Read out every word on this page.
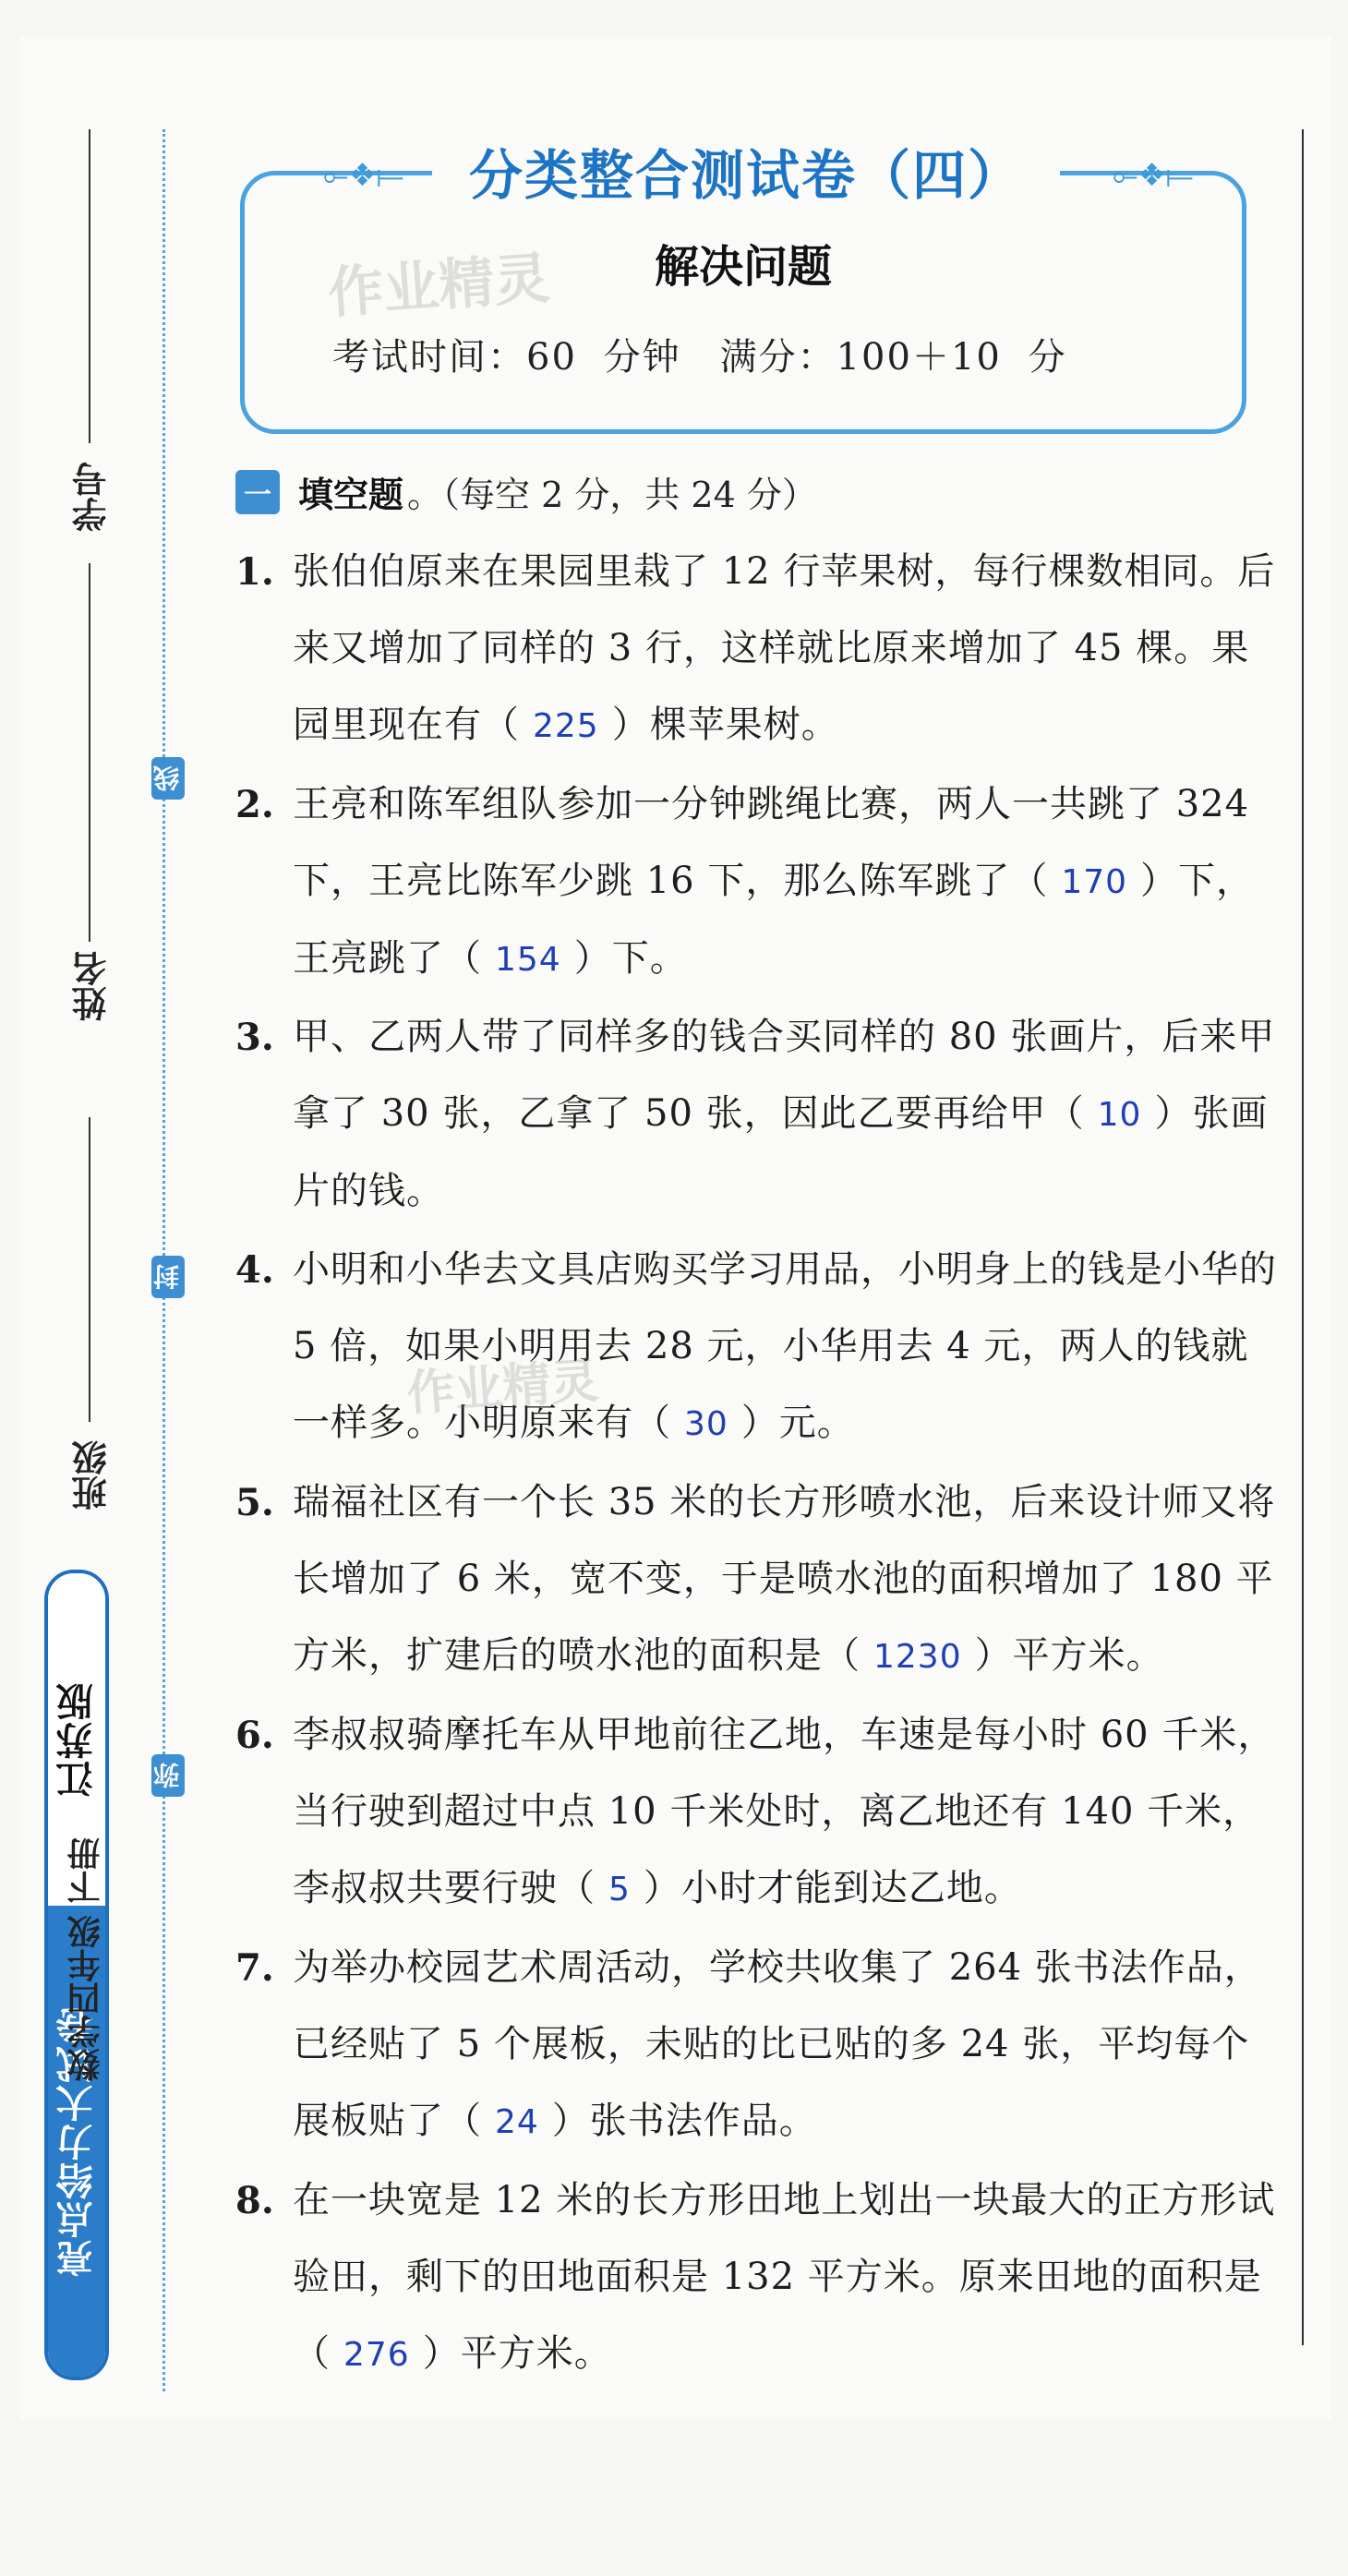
学号
姓名
班级
线
封
弥
江苏版
亮点给力大试卷
数学四年级 下册
⟜❖⟝	⟜❖⟝
分类整合测试卷（四）
作业精灵	解决问题
考试时间：60 分钟　满分：100＋10 分
一 填空题 。（每空 2 分，共 24 分）
1. 张伯伯原来在果园里栽了 12 行苹果树，每行棵数相同。后来又增加了同样的 3 行，这样就比原来增加了 45 棵。果园里现在有（ 225 ）棵苹果树。
2. 王亮和陈军组队参加一分钟跳绳比赛，两人一共跳了 324 下，王亮比陈军少跳 16 下，那么陈军跳了（ 170 ）下，王亮跳了（ 154 ）下。
3. 甲、乙两人带了同样多的钱合买同样的 80 张画片，后来甲拿了 30 张，乙拿了 50 张，因此乙要再给甲（ 10 ）张画片的钱。
4. 小明和小华去文具店购买学习用品，小明身上的钱是小华的 5 倍，如果小明用去 28 元，小华用去 4 元，两人的钱就一样多。小明原来有（ 30 ）元。
作业精灵
5. 瑞福社区有一个长 35 米的长方形喷水池，后来设计师又将长增加了 6 米，宽不变，于是喷水池的面积增加了 180 平方米，扩建后的喷水池的面积是（ 1230 ）平方米。
6. 李叔叔骑摩托车从甲地前往乙地，车速是每小时 60 千米，当行驶到超过中点 10 千米处时，离乙地还有 140 千米，李叔叔共要行驶（ 5 ）小时才能到达乙地。
7. 为举办校园艺术周活动，学校共收集了 264 张书法作品，已经贴了 5 个展板，未贴的比已贴的多 24 张，平均每个展板贴了（ 24 ）张书法作品。
8. 在一块宽是 12 米的长方形田地上划出一块最大的正方形试验田，剩下的田地面积是 132 平方米。原来田地的面积是（ 276 ）平方米。
